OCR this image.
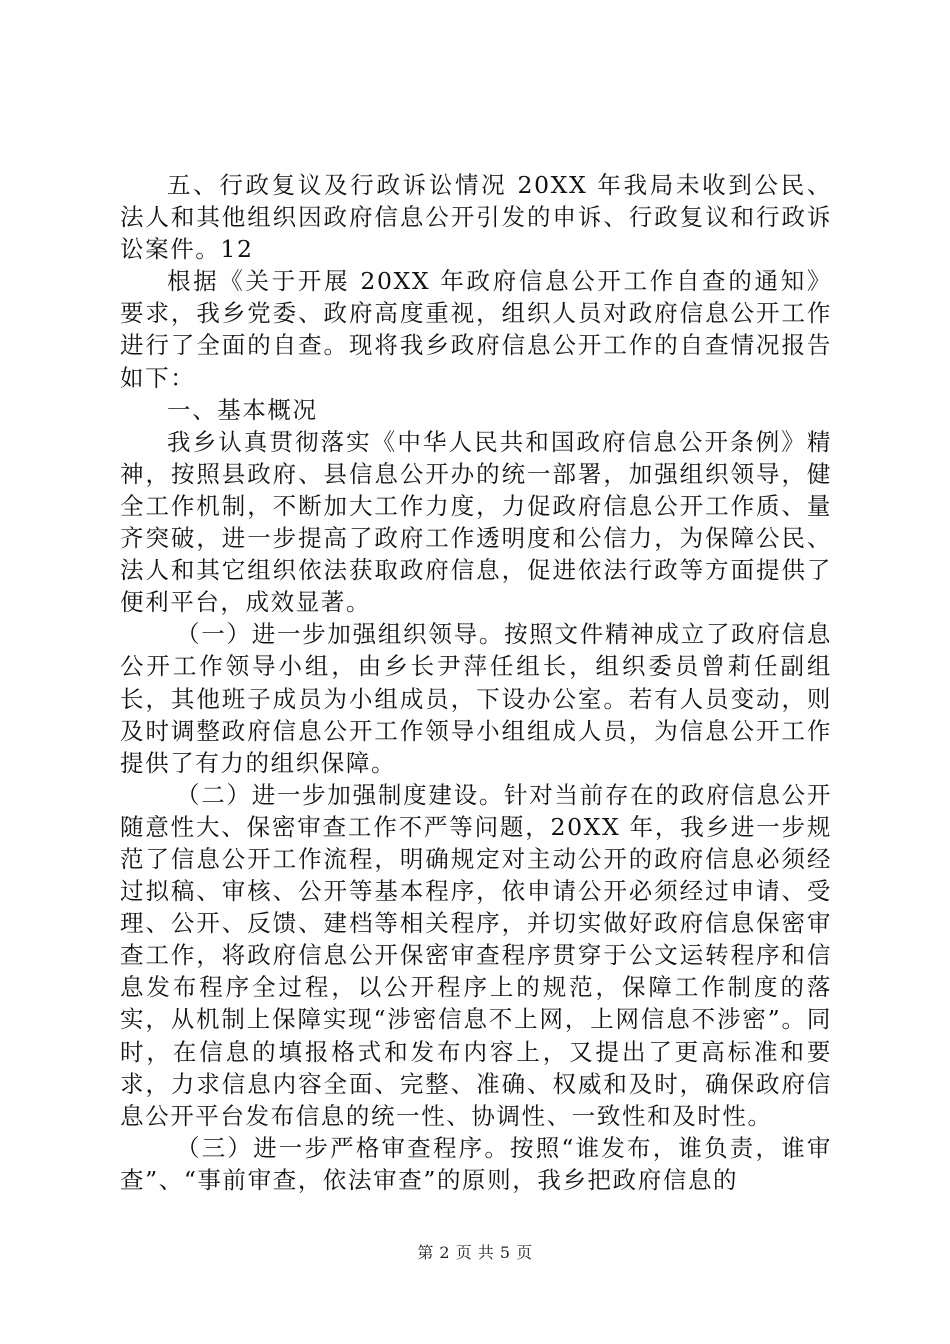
五、行政复议及行政诉讼情况 20XX 年我局未收到公民、法人和其他组织因政府信息公开引发的申诉、行政复议和行政诉讼案件。12

根据《关于开展 20XX 年政府信息公开工作自查的通知》要求，我乡党委、政府高度重视，组织人员对政府信息公开工作进行了全面的自查。现将我乡政府信息公开工作的自查情况报告如下：

一、基本概况

我乡认真贯彻落实《中华人民共和国政府信息公开条例》精神，按照县政府、县信息公开办的统一部署，加强组织领导，健全工作机制，不断加大工作力度，力促政府信息公开工作质、量齐突破，进一步提高了政府工作透明度和公信力，为保障公民、法人和其它组织依法获取政府信息，促进依法行政等方面提供了便利平台，成效显著。

（一）进一步加强组织领导。按照文件精神成立了政府信息公开工作领导小组，由乡长尹萍任组长，组织委员曾莉任副组长，其他班子成员为小组成员，下设办公室。若有人员变动，则及时调整政府信息公开工作领导小组组成人员，为信息公开工作提供了有力的组织保障。

（二）进一步加强制度建设。针对当前存在的政府信息公开随意性大、保密审查工作不严等问题，20XX 年，我乡进一步规范了信息公开工作流程，明确规定对主动公开的政府信息必须经过拟稿、审核、公开等基本程序，依申请公开必须经过申请、受理、公开、反馈、建档等相关程序，并切实做好政府信息保密审查工作，将政府信息公开保密审查程序贯穿于公文运转程序和信息发布程序全过程，以公开程序上的规范，保障工作制度的落实，从机制上保障实现“涉密信息不上网，上网信息不涉密”。同时，在信息的填报格式和发布内容上，又提出了更高标准和要求，力求信息内容全面、完整、准确、权威和及时，确保政府信息公开平台发布信息的统一性、协调性、一致性和及时性。

（三）进一步严格审查程序。按照“谁发布，谁负责，谁审查”、“事前审查，依法审查”的原则，我乡把政府信息的

第 2 页 共 5 页
